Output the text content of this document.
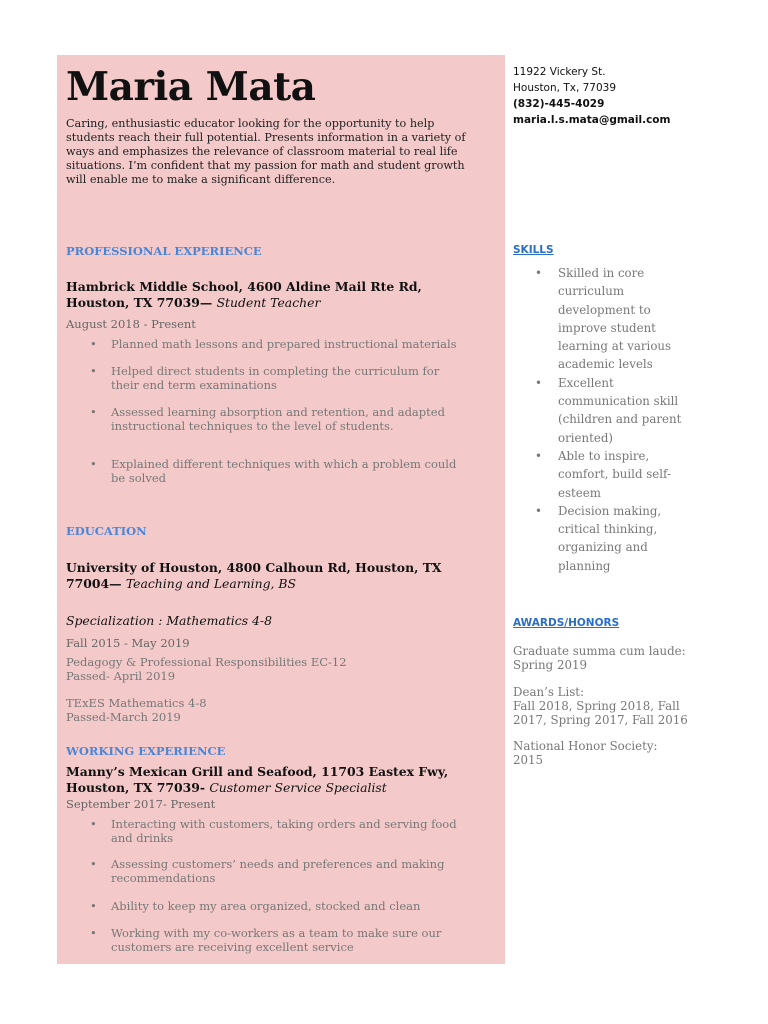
Maria Mata
Caring, enthusiastic educator looking for the opportunity to help students reach their full potential. Presents information in a variety of ways and emphasizes the relevance of classroom material to real life situations. I’m confident that my passion for math and student growth will enable me to make a significant difference.
PROFESSIONAL EXPERIENCE
Hambrick Middle School, 4600 Aldine Mail Rte Rd, Houston, TX 77039— Student Teacher
August 2018 - Present
• Planned math lessons and prepared instructional materials
• Helped direct students in completing the curriculum for their end term examinations
• Assessed learning absorption and retention, and adapted instructional techniques to the level of students.
• Explained different techniques with which a problem could be solved
EDUCATION
University of Houston, 4800 Calhoun Rd, Houston, TX 77004— Teaching and Learning, BS
Specialization : Mathematics 4-8
Fall 2015 - May 2019
Pedagogy & Professional Responsibilities EC-12
Passed- April 2019
TExES Mathematics 4-8
Passed-March 2019
WORKING EXPERIENCE
Manny’s Mexican Grill and Seafood, 11703 Eastex Fwy, Houston, TX 77039- Customer Service Specialist
September 2017- Present
• Interacting with customers, taking orders and serving food and drinks
• Assessing customers’ needs and preferences and making recommendations
• Ability to keep my area organized, stocked and clean
• Working with my co-workers as a team to make sure our customers are receiving excellent service
11922 Vickery St.
Houston, Tx, 77039
(832)-445-4029
maria.l.s.mata@gmail.com
SKILLS
• Skilled in core curriculum development to improve student learning at various academic levels
• Excellent communication skill (children and parent oriented)
• Able to inspire, comfort, build self-esteem
• Decision making, critical thinking, organizing and planning
AWARDS/HONORS
Graduate summa cum laude:
Spring 2019
Dean’s List:
Fall 2018, Spring 2018, Fall 2017, Spring 2017, Fall 2016
National Honor Society: 2015
